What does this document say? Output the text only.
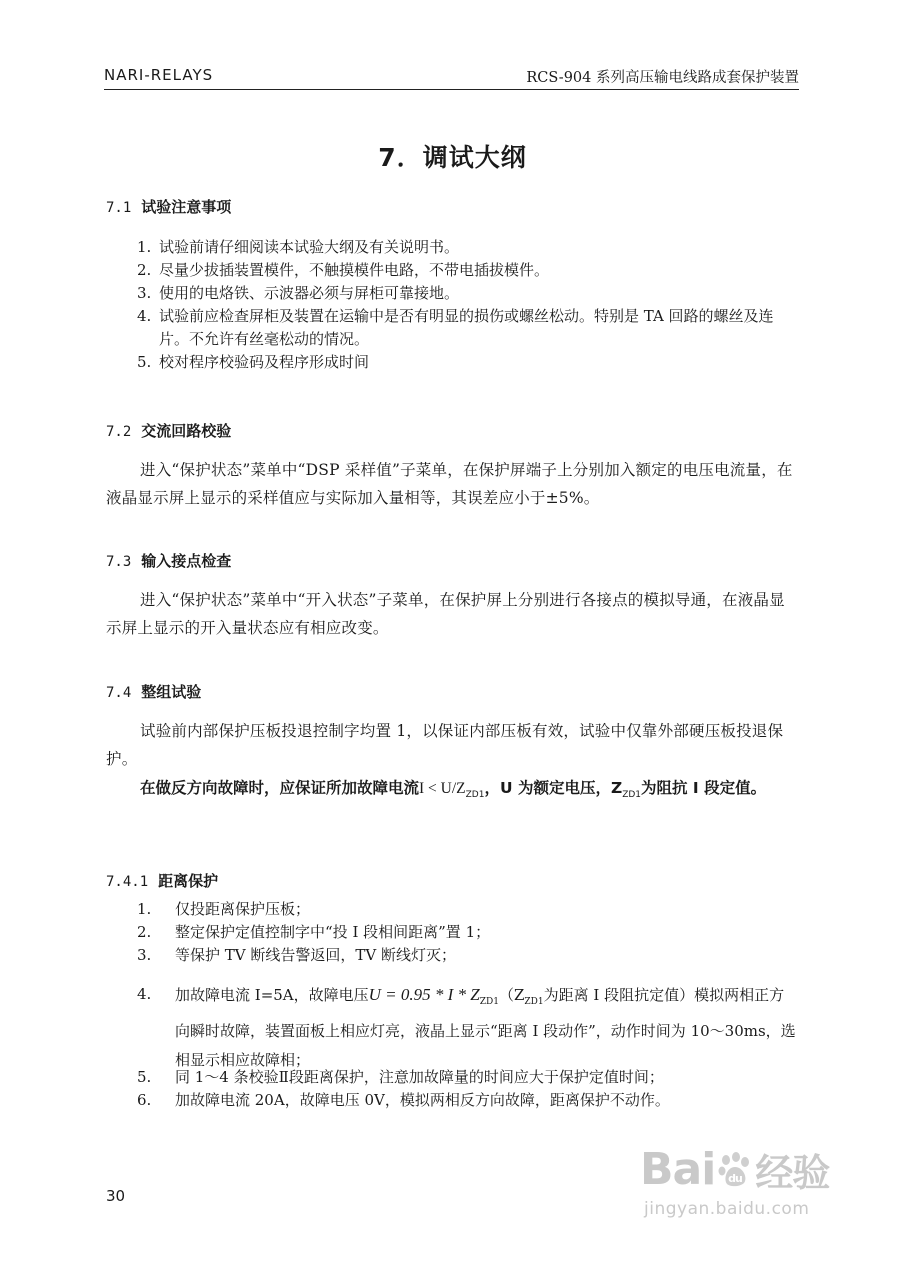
NARI-RELAYS	RCS-904 系列高压输电线路成套保护装置
7．调试大纲
7.1 试验注意事项
1. 试验前请仔细阅读本试验大纲及有关说明书。
2. 尽量少拔插装置模件，不触摸模件电路，不带电插拔模件。
3. 使用的电烙铁、示波器必须与屏柜可靠接地。
4. 试验前应检查屏柜及装置在运输中是否有明显的损伤或螺丝松动。特别是 TA 回路的螺丝及连片。不允许有丝毫松动的情况。
5. 校对程序校验码及程序形成时间
7.2 交流回路校验

进入“保护状态”菜单中“DSP 采样值”子菜单，在保护屏端子上分别加入额定的电压电流量，在液晶显示屏上显示的采样值应与实际加入量相等，其误差应小于±5%。

7.3 输入接点检查

进入“保护状态”菜单中“开入状态”子菜单，在保护屏上分别进行各接点的模拟导通，在液晶显示屏上显示的开入量状态应有相应改变。

7.4 整组试验

试验前内部保护压板投退控制字均置 1，以保证内部压板有效，试验中仅靠外部硬压板投退保护。

在做反方向故障时，应保证所加故障电流$I < U/Z_{ZD1}$，U 为额定电压，$Z_{ZD1}$为阻抗 I 段定值。

7.4.1 距离保护
1. 仅投距离保护压板；
2. 整定保护定值控制字中“投 I 段相间距离”置 1；
3. 等保护 TV 断线告警返回，TV 断线灯灭；
4. 加故障电流 I=5A，故障电压$U = 0.95 * I * Z_{ZD1}(Z_{ZD1}$为距离 I 段阻抗定值）模拟两相正方向瞬时故障，装置面板上相应灯亮，液晶上显示“距离 I 段动作”，动作时间为 10～30ms，选相显示相应故障相；
5. 同 1～4 条校验Ⅱ段距离保护，注意加故障量的时间应大于保护定值时间；
6. 加故障电流 20A，故障电压 0V，模拟两相反方向故障，距离保护不动作。
30
Bai du 经验
jingyan.baidu.com
